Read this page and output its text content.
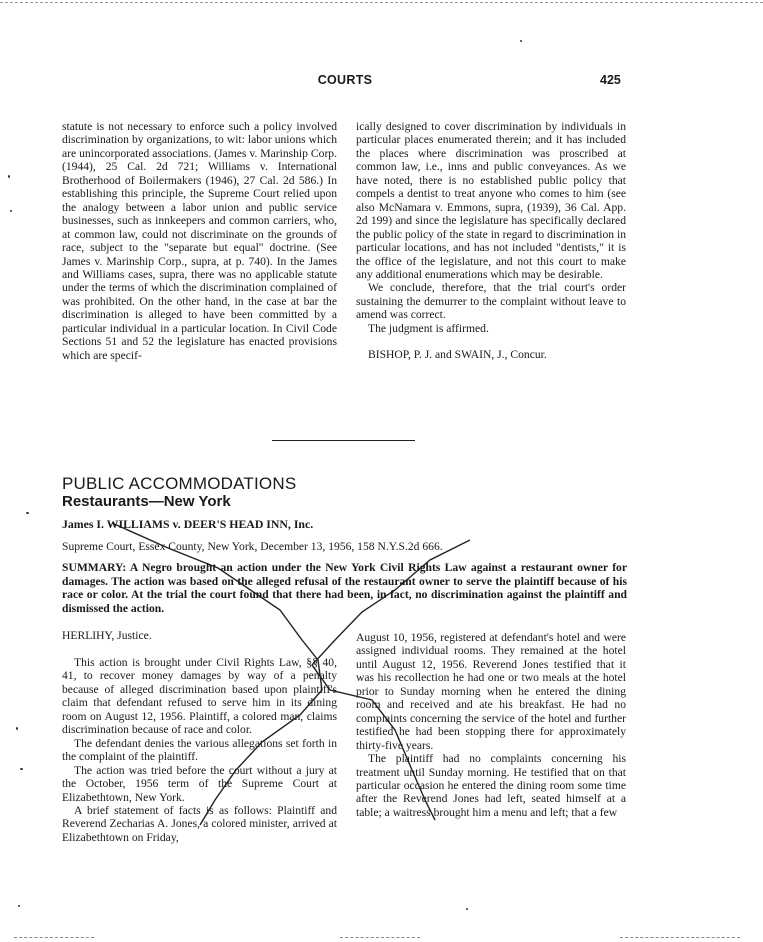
COURTS	425

statute is not necessary to enforce such a policy involved discrimination by organizations, to wit: labor unions which are unincorporated associations. (James v. Marinship Corp. (1944), 25 Cal. 2d 721; Williams v. International Brotherhood of Boilermakers (1946), 27 Cal. 2d 586.) In establishing this principle, the Supreme Court relied upon the analogy between a labor union and public service businesses, such as innkeepers and common carriers, who, at common law, could not discriminate on the grounds of race, subject to the "separate but equal" doctrine. (See James v. Marinship Corp., supra, at p. 740). In the James and Williams cases, supra, there was no applicable statute under the terms of which the discrimination complained of was prohibited. On the other hand, in the case at bar the discrimination is alleged to have been committed by a particular individual in a particular location. In Civil Code Sections 51 and 52 the legislature has enacted provisions which are specif-

ically designed to cover discrimination by individuals in particular places enumerated therein; and it has included the places where discrimination was proscribed at common law, i.e., inns and public conveyances. As we have noted, there is no established public policy that compels a dentist to treat anyone who comes to him (see also McNamara v. Emmons, supra, (1939), 36 Cal. App. 2d 199) and since the legislature has specifically declared the public policy of the state in regard to discrimination in particular locations, and has not included "dentists," it is the office of the legislature, and not this court to make any additional enumerations which may be desirable.

We conclude, therefore, that the trial court's order sustaining the demurrer to the complaint without leave to amend was correct.

The judgment is affirmed.

BISHOP, P. J. and SWAIN, J., Concur.

PUBLIC ACCOMMODATIONS
Restaurants—New York
James I. WILLIAMS v. DEER'S HEAD INN, Inc.
Supreme Court, Essex County, New York, December 13, 1956, 158 N.Y.S.2d 666.
SUMMARY: A Negro brought an action under the New York Civil Rights Law against a restaurant owner for damages. The action was based on the alleged refusal of the restaurant owner to serve the plaintiff because of his race or color. At the trial the court found that there had been, in fact, no discrimination against the plaintiff and dismissed the action.
HERLIHY, Justice.

This action is brought under Civil Rights Law, §§ 40, 41, to recover money damages by way of a penalty because of alleged discrimination based upon plaintiff's claim that defendant refused to serve him in its dining room on August 12, 1956. Plaintiff, a colored man, claims discrimination because of race and color.

The defendant denies the various allegations set forth in the complaint of the plaintiff.

The action was tried before the court without a jury at the October, 1956 term of the Supreme Court at Elizabethtown, New York.

A brief statement of facts is as follows: Plaintiff and Reverend Zecharias A. Jones, a colored minister, arrived at Elizabethtown on Friday,

August 10, 1956, registered at defendant's hotel and were assigned individual rooms. They remained at the hotel until August 12, 1956. Reverend Jones testified that it was his recollection he had one or two meals at the hotel prior to Sunday morning when he entered the dining room and received and ate his breakfast. He had no complaints concerning the service of the hotel and further testified he had been stopping there for approximately thirty-five years.

The plaintiff had no complaints concerning his treatment until Sunday morning. He testified that on that particular occasion he entered the dining room some time after the Reverend Jones had left, seated himself at a table; a waitress brought him a menu and left; that a few
